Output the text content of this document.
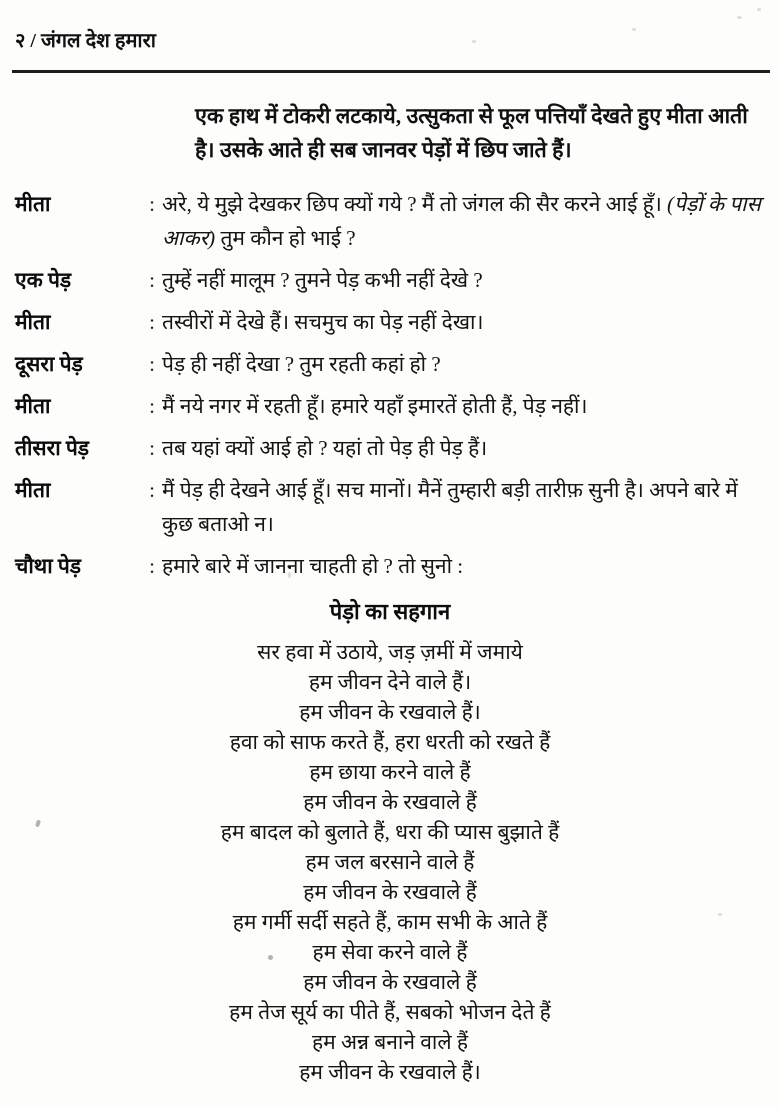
२ / जंगल देश हमारा
एक हाथ में टोकरी लटकाये, उत्सुकता से फूल पत्तियाँ देखते हुए मीता आती है। उसके आते ही सब जानवर पेड़ों में छिप जाते हैं।
मीता	: अरे, ये मुझे देखकर छिप क्यों गये ? मैं तो जंगल की सैर करने आई हूँ। (पेड़ों के पास आकर) तुम कौन हो भाई ?
एक पेड़	: तुम्हें नहीं मालूम ? तुमने पेड़ कभी नहीं देखे ?
मीता	: तस्वीरों में देखे हैं। सचमुच का पेड़ नहीं देखा।
दूसरा पेड़	: पेड़ ही नहीं देखा ? तुम रहती कहां हो ?
मीता	: मैं नये नगर में रहती हूँ। हमारे यहाँ इमारतें होती हैं, पेड़ नहीं।
तीसरा पेड़	: तब यहां क्यों आई हो ? यहां तो पेड़ ही पेड़ हैं।
मीता	: मैं पेड़ ही देखने आई हूँ। सच मानों। मैनें तुम्हारी बड़ी तारीफ़ सुनी है। अपने बारे में कुछ बताओ न।
चौथा पेड़	: हमारे बारे में जानना चाहती हो ? तो सुनो :
पेड़ो का सहगान
सर हवा में उठाये, जड़ ज़मीं में जमाये
हम जीवन देने वाले हैं।
हम जीवन के रखवाले हैं।
हवा को साफ करते हैं, हरा धरती को रखते हैं
हम छाया करने वाले हैं
हम जीवन के रखवाले हैं
हम बादल को बुलाते हैं, धरा की प्यास बुझाते हैं
हम जल बरसाने वाले हैं
हम जीवन के रखवाले हैं
हम गर्मी सर्दी सहते हैं, काम सभी के आते हैं
हम सेवा करने वाले हैं
हम जीवन के रखवाले हैं
हम तेज सूर्य का पीते हैं, सबको भोजन देते हैं
हम अन्न बनाने वाले हैं
हम जीवन के रखवाले हैं।
